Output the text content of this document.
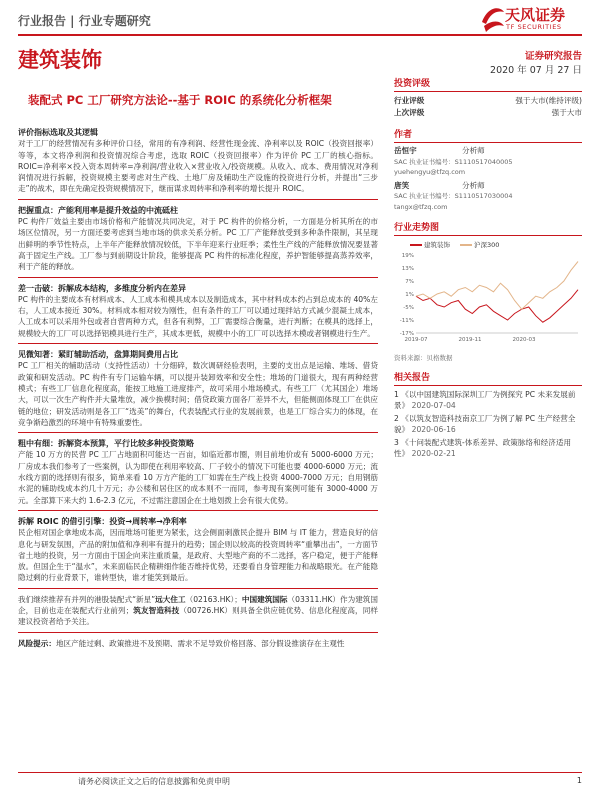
行业报告 | 行业专题研究	天风证券
TF SECURITIES
建筑装饰	证券研究报告
2020 年 07 月 27 日
装配式 PC 工厂研究方法论--基于 ROIC 的系统化分析框架
评价指标选取及其逻辑

对于工厂的经营情况有多种评价口径，常用的有净利润、经营性现金流、净利率以及 ROIC（投资回报率）等等，本文将净利润和投资情况综合考虑，选取 ROIC（投资回报率）作为评价 PC 工厂的核心指标。ROIC=净利率×投入资本周转率=净利润/营业收入×营业收入/投资规模。从收入、成本、费用情况对净利润情况进行拆解，投资规模主要考虑对生产线、土地厂房及辅助生产设施的投资进行分析，并提出“三步走”的战术，即在先确定投资规模情况下，继而谋求周转率和净利率的增长提升 ROIC。

把握重点：产能利用率是提升效益的中流砥柱

PC 构件厂效益主要由市场价格和产能情况共同决定，对于 PC 构件的价格分析，一方面是分析其所在的市场区位情况，另一方面还要考虑到当地市场的供求关系分析。PC 工厂产能释放受到多种条件限制，其呈现出鲜明的季节性特点，上半年产能释放情况较低，下半年迎来行业旺季；柔性生产线的产能释放情况要显著高于固定生产线。工厂参与到前期设计阶段，能够提高 PC 构件的标准化程度，养护智能够提高蒸养效率，利于产能的释放。

差一击破：拆解成本结构，多维度分析内在差异

PC 构件的主要成本有材料成本、人工成本和模具成本以及制造成本，其中材料成本约占到总成本的 40%左右，人工成本接近 30%。材料成本相对较为刚性，但有条件的工厂可以通过现拌站方式减少混凝土成本，人工成本可以采用外包或者自营两种方式，但各有利弊，工厂需要综合衡量，进行判断；在模具的选择上，规模较大的工厂可以选择铝模具进行生产，其成本更低，规模中小的工厂可以选择木模或者钢模进行生产。

见微知著：紧盯辅助活动，盘算期间费用占比

PC 工厂相关的辅助活动（支持性活动）十分细碎，数次调研经验表明，主要的支出点是运输、堆场、借贷政策和研发活动。PC 构件有专门运输车辆，可以提升装卸效率和安全性；堆场的门道很大，现有两种经营模式；有些工厂信息化程度高，能按工地施工进度排产，故可采用小堆场模式。有些工厂（尤其国企）堆场大，可以一次生产构件并大量堆放，减少换模时间；借贷政策方面各厂差异不大，但能侧面体现工厂在供应链的地位；研发活动则是各工厂“选美”的舞台，代表装配式行业的发展前景，也是工厂综合实力的体现，在竞争渐趋激烈的环境中有特殊重要性。

粗中有细：拆解资本预算，平行比较多种投资策略

产能 10 万方的民营 PC 工厂占地面积可能达一百亩，如临近都市圈，则目前地价或有 5000-6000 万元；厂房成本我们参考了一些案例，认为即使在利用率较高、厂子较小的情况下可能也要 4000-6000 万元；流水线方面的选择则有很多，简单来看 10 万方产能的工厂如需在生产线上投资 4000-7000 万元；自用钢筋水泥的辅助线成本约几十万元；办公楼和居住区的成本则不一而同，参考现有案例可能有 3000-4000 万元。全部算下来大约 1.6-2.3 亿元，不过需注意国企在土地划拨上会有很大优势。

拆解 ROIC 的借引引擎：投资→周转率→净利率

民企相对国企拿地成本高，因而堆场可能更为紧张，这会侧面刺激民企提升 BIM 与 IT 能力，营造良好的信息化与研发氛围，产品的附加值和净利率有提升的趋势；国企则以较高的投资周转率“重攀出击”，一方面节省土地的投资，另一方面由于国企向来注重质量，是政府、大型地产商的不二选择，客户稳定，便于产能释放。但国企生于“温水”，未来面临民企精耕细作能否维持优势，还要看自身管理能力和战略眼光。在产能隐隐过剩的行业背景下，谁转型快，谁才能笑到最后。

我们继续推荐有并列的港股装配式“新星”远大住工（02163.HK）；中国建筑国际（03311.HK）作为建筑国企，目前也走在装配式行业前列；筑友智造科技（00726.HK）则具备全供应链优势、信息化程度高，同样建议投资者给予关注。

风险提示：地区产能过剩、政策推进不及预期、需求不足导致价格回落、部分假设推演存在主观性

投资评级
行业评级	强于大市(维持评级)
上次评级	强于大市
作者
岳恒宇	分析师
SAC 执业证书编号：S1110517040005
yuehengyu@tfzq.com
唐笑	分析师
SAC 执业证书编号：S1110517030004
tangx@tfzq.com
行业走势图
建筑装饰	沪深300
19%
13%
7%
1%
-5%
-11%
-17%
2019-07	2019-11	2020-03
资料来源：贝格数据
相关报告
1 《以中国建筑国际深圳工厂为例探究 PC 未来发展前景》 2020-07-04
2 《以筑友智造科技南京工厂为例了解 PC 生产经营全貌》 2020-06-16
3 《十问装配式建筑-体系差异、政策脉络和经济适用性》 2020-02-21
请务必阅读正文之后的信息披露和免责申明	1
